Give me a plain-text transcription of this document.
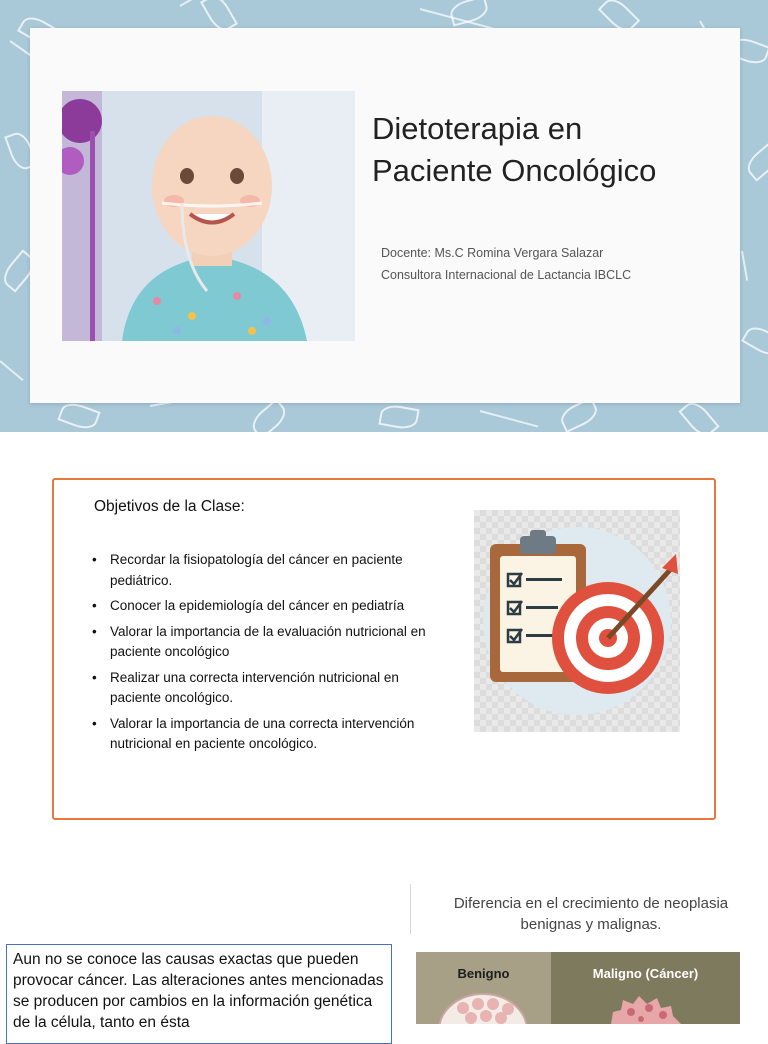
Dietoterapia en
Paciente Oncológico
Docente: Ms.C Romina Vergara Salazar
Consultora Internacional de Lactancia IBCLC
Objetivos de la Clase:
• Recordar la fisiopatología del cáncer en paciente pediátrico.
• Conocer la epidemiología del cáncer en pediatría
• Valorar la importancia de la evaluación nutricional en paciente oncológico
• Realizar una correcta intervención nutricional en paciente oncológico.
• Valorar la importancia de una correcta intervención nutricional en paciente oncológico.
Diferencia en el crecimiento de neoplasia benignas y malignas.
Aun no se conoce las causas exactas que pueden provocar cáncer. Las alteraciones antes mencionadas se producen por cambios en la información genética de la célula, tanto en ésta
Benigno	Maligno (Cáncer)
